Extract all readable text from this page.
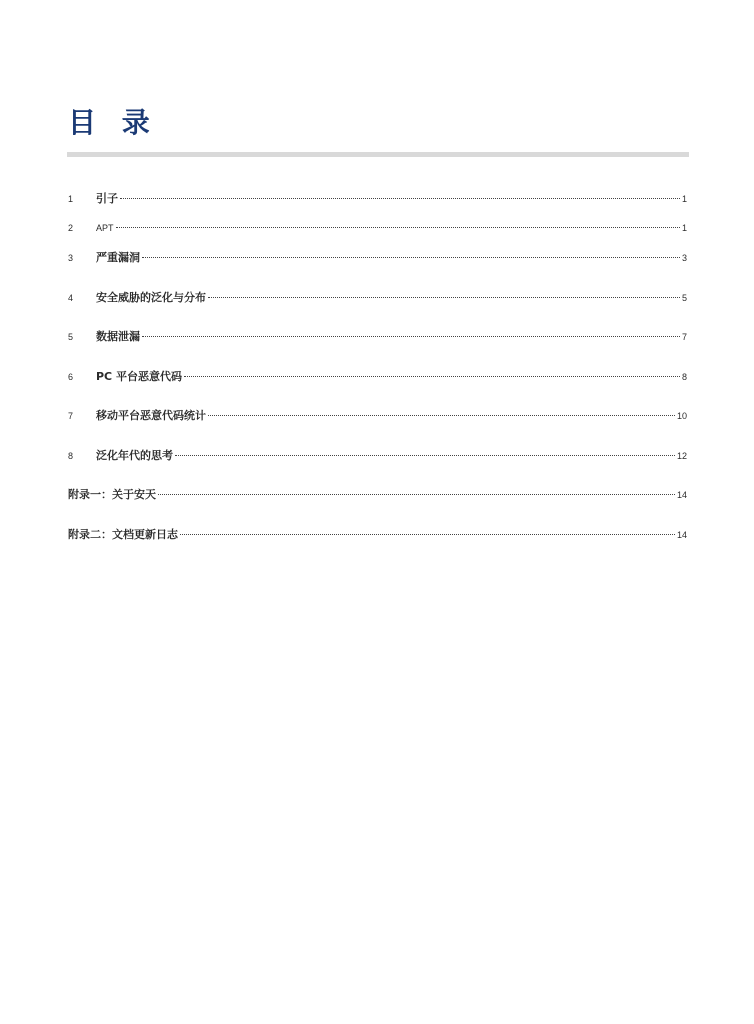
目 录
1	引子	1
2	APT	1
3	严重漏洞	3
4	安全威胁的泛化与分布	5
5	数据泄漏	7
6	PC 平台恶意代码	8
7	移动平台恶意代码统计	10
8	泛化年代的思考	12
附录一：关于安天	14
附录二：文档更新日志	14
